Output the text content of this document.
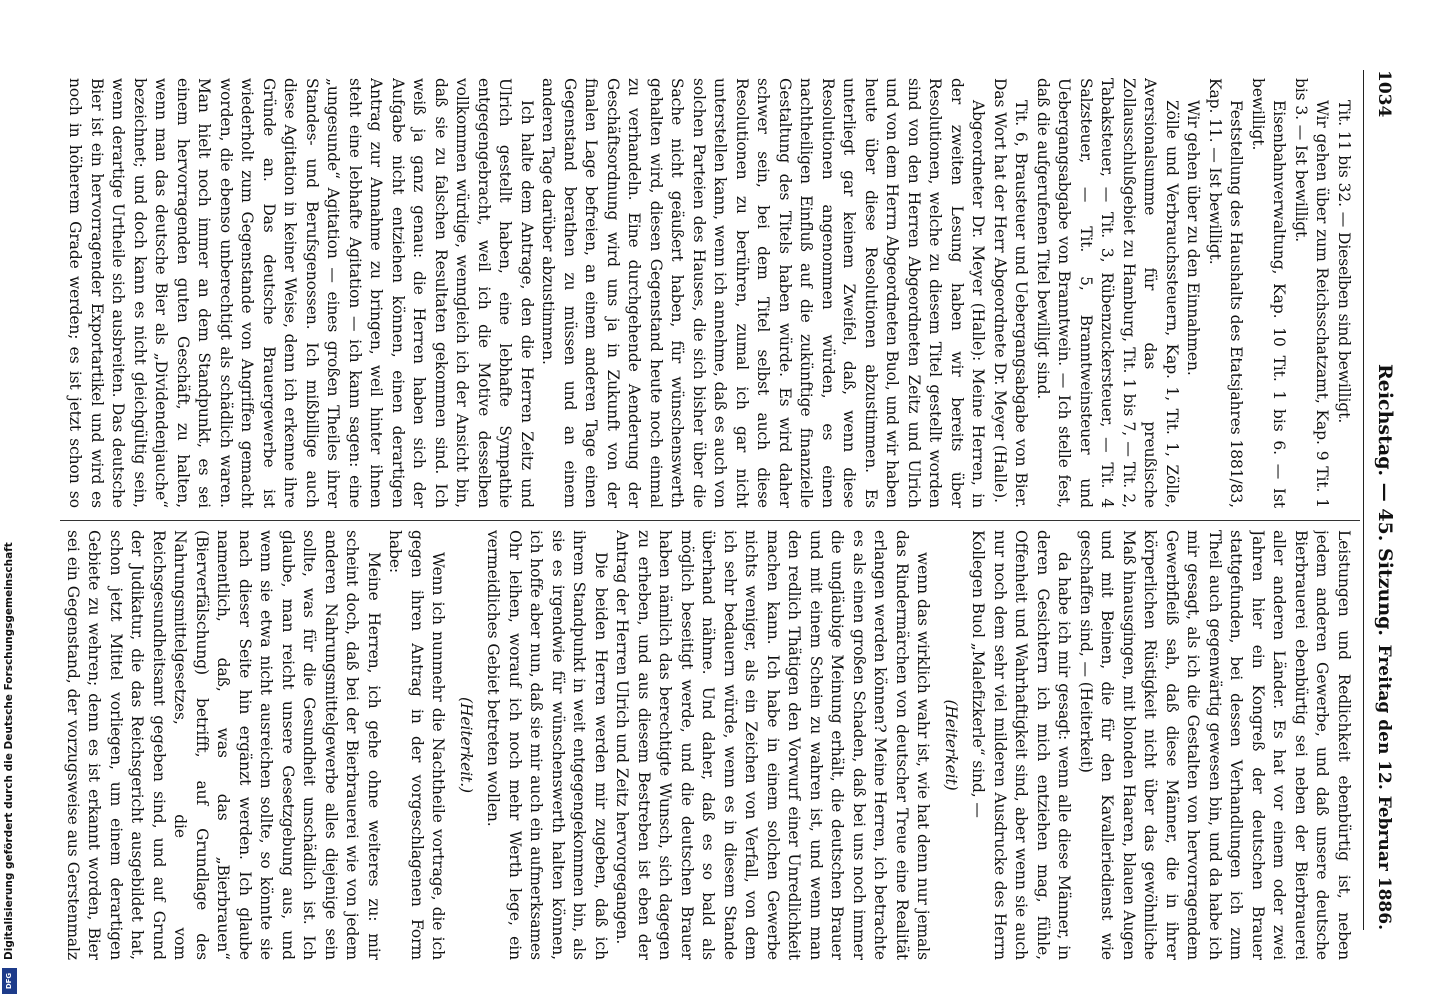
1034
Reichstag. — 45. Sitzung.
Freitag den 12. Februar 1886.

Tit. 11 bis 32. — Dieselben sind bewilligt.

Wir gehen über zum Reichsschatzamt, Kap. 9 Tit. 1 bis 3. — Ist bewilligt.

Eisenbahnverwaltung, Kap. 10 Tit. 1 bis 6. — Ist bewilligt.

Feststellung des Haushalts des Etatsjahres 1881/83, Kap. 11. — Ist bewilligt.

Wir gehen über zu den Einnahmen.

Zölle und Verbrauchssteuern, Kap. 1, Tit. 1, Zölle, Aversionalsumme für das preußische Zollausschlußgebiet zu Hamburg, Tit. 1 bis 7, — Tit. 2, Tabaksteuer, — Tit. 3, Rübenzuckersteuer, — Tit. 4 Salzsteuer, — Tit. 5, Branntweinsteuer und Uebergangsabgabe von Branntwein. — Ich stelle fest, daß die aufgerufenen Titel bewilligt sind.

Tit. 6, Brausteuer und Uebergangsabgabe von Bier. Das Wort hat der Herr Abgeordnete Dr. Meyer (Halle).

Abgeordneter Dr. Meyer (Halle): Meine Herren, in der zweiten Lesung haben wir bereits über Resolutionen, welche zu diesem Titel gestellt worden sind von den Herren Abgeordneten Zeitz und Ulrich und von dem Herrn Abgeordneten Buol, und wir haben heute über diese Resolutionen abzustimmen. Es unterliegt gar keinem Zweifel, daß, wenn diese Resolutionen angenommen würden, es einen nachtheiligen Einfluß auf die zukünftige finanzielle Gestaltung des Titels haben würde. Es wird daher schwer sein, bei dem Titel selbst auch diese Resolutionen zu berühren, zumal ich gar nicht unterstellen kann, wenn ich annehme, daß es auch von solchen Parteien des Hauses, die sich bisher über die Sache nicht geäußert haben, für wünschenswerth gehalten wird, diesen Gegenstand heute noch einmal zu verhandeln. Eine durchgehende Aenderung der Geschäftsordnung wird uns ja in Zukunft von der finalen Lage befreien, an einem anderen Tage einen Gegenstand berathen zu müssen und an einem anderen Tage darüber abzustimmen.

Ich halte dem Antrage, den die Herren Zeitz und Ulrich gestellt haben, eine lebhafte Sympathie entgegengebracht, weil ich die Motive desselben vollkommen würdige, wenngleich ich der Ansicht bin, daß sie zu falschen Resultaten gekommen sind. Ich weiß ja ganz genau: die Herren haben sich der Aufgabe nicht entziehen können, einen derartigen Antrag zur Annahme zu bringen, weil hinter ihnen steht eine lebhafte Agitation — ich kann sagen: eine „ungesunde“ Agitation — eines großen Theiles ihrer Standes- und Berufsgenossen. Ich mißbillige auch diese Agitation in keiner Weise, denn ich erkenne ihre Gründe an. Das deutsche Brauergewerbe ist wiederholt zum Gegenstande von Angriffen gemacht worden, die ebenso unberechtigt als schädlich waren. Man hielt noch immer an dem Standpunkt, es sei einem hervorragenden guten Geschäft, zu halten, wenn man das deutsche Bier als „Dividendenjauche“ bezeichnet; und doch kann es nicht gleichgültig sein, wenn derartige Urtheile sich ausbreiten. Das deutsche Bier ist ein hervorragender Exportartikel und wird es noch in höherem Grade werden; es ist jetzt schon so

Leistungen und Redlichkeit ebenbürtig ist, neben jedem anderen Gewerbe, und daß unsere deutsche Bierbrauerei ebenbürtig sei neben der Bierbrauerei aller anderen Länder. Es hat vor einem oder zwei Jahren hier ein Kongreß der deutschen Brauer stattgefunden, bei dessen Verhandlungen ich zum Theil auch gegenwärtig gewesen bin, und da habe ich mir gesagt, als ich die Gestalten von hervorragendem Gewerbfleiß sah, daß diese Männer, die in ihrer körperlichen Rüstigkeit nicht über das gewöhnliche Maß hinausgingen, mit blonden Haaren, blauen Augen und mit Beinen, die für den Kavalleriedienst wie geschaffen sind, — (Heiterkeit)

da habe ich mir gesagt: wenn alle diese Männer, in deren Gesichtern ich mich entziehen mag, fühle, Offenheit und Wahrhaftigkeit sind, aber wenn sie auch nur noch dem sehr viel milderen Ausdrucke des Herrn Kollegen Buol „Malefizkerle“ sind, —

(Heiterkeit)

wenn das wirklich wahr ist, wie hat denn nur jemals das Rindermärchen von deutscher Treue eine Realität erlangen werden können? Meine Herren, ich betrachte es als einen großen Schaden, daß bei uns noch immer die ungläubige Meinung erhält, die deutschen Brauer und mit einem Schein zu wahren ist, und wenn man den redlich Thätigen den Vorwurf einer Unredlichkeit machen kann. Ich habe in einem solchen Gewerbe nichts weniger, als ein Zeichen von Verfall, von dem ich sehr bedauern würde, wenn es in diesem Stande überhand nähme. Und daher, daß es so bald als möglich beseitigt werde, und die deutschen Brauer haben nämlich das berechtigte Wunsch, sich dagegen zu erheben, und aus diesem Bestreben ist eben der Antrag der Herren Ulrich und Zeitz hervorgegangen.

Die beiden Herren werden mir zugeben, daß ich ihrem Standpunkt in weit entgegengekommen bin, als sie es irgendwie für wünschenswerth halten können, ich hoffe aber nun, daß sie mir auch ein aufmerksames Ohr leihen, worauf ich noch mehr Werth lege, ein vermeidliches Gebiet betreten wollen.

(Heiterkeit.)

Wenn ich nunmehr die Nachtheile vortrage, die ich gegen ihren Antrag in der vorgeschlagenen Form habe:

Meine Herren, ich gehe ohne weiteres zu: mir scheint doch, daß bei der Bierbrauerei wie von jedem anderen Nahrungsmittelgewerbe alles diejenige sein sollte, was für die Gesundheit unschädlich ist. Ich glaube, man reicht unsere Gesetzgebung aus, und wenn sie etwa nicht ausreichen sollte, so könnte sie nach dieser Seite hin ergänzt werden. Ich glaube namentlich, daß, was das „Bierbrauen“ (Bierverfälschung) betrifft, auf Grundlage des Nahrungsmittelgesetzes, die vom Reichsgesundheitsamt gegeben sind, und auf Grund der Judikatur, die das Reichsgericht ausgebildet hat, schon jetzt Mittel vorliegen, um einem derartigen Gebiete zu wehren; denn es ist erkannt worden, Bier sei ein Gegenstand, der vorzugsweise aus Gerstenmalz

Digitalisierung gefördert durch die Deutsche Forschungsgemeinschaft
DFG
